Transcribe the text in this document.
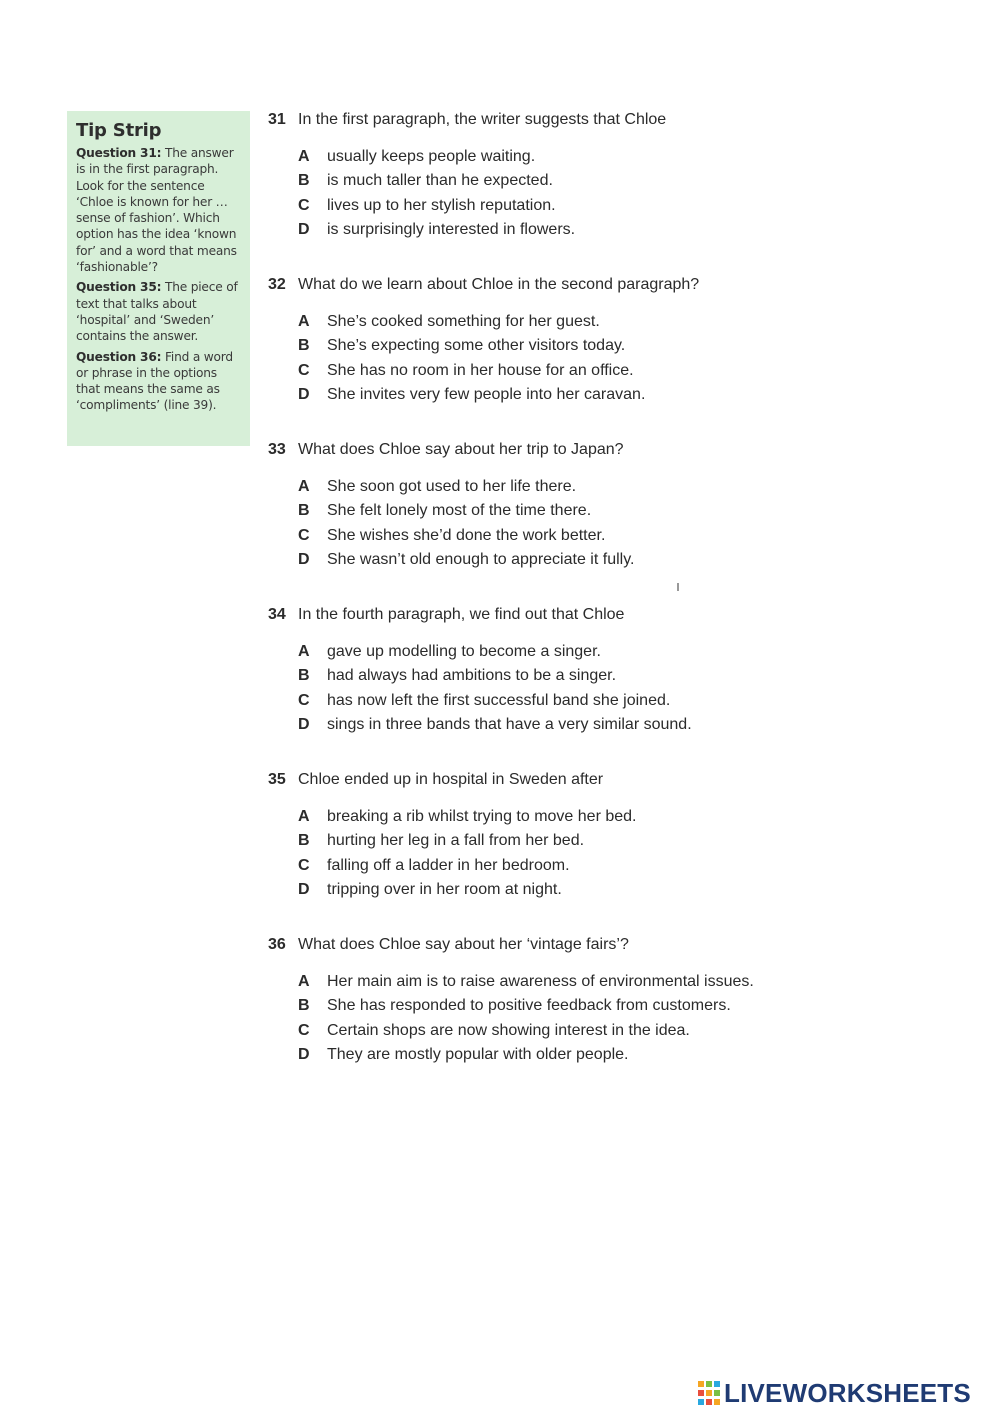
Tip Strip

Question 31: The answer is in the first paragraph. Look for the sentence ‘Chloe is known for her … sense of fashion’. Which option has the idea ‘known for’ and a word that means ‘fashionable’?

Question 35: The piece of text that talks about ‘hospital’ and ‘Sweden’ contains the answer.

Question 36: Find a word or phrase in the options that means the same as ‘compliments’ (line 39).

31 In the first paragraph, the writer suggests that Chloe
A usually keeps people waiting.
B is much taller than he expected.
C lives up to her stylish reputation.
D is surprisingly interested in flowers.
32 What do we learn about Chloe in the second paragraph?
A She’s cooked something for her guest.
B She’s expecting some other visitors today.
C She has no room in her house for an office.
D She invites very few people into her caravan.
33 What does Chloe say about her trip to Japan?
A She soon got used to her life there.
B She felt lonely most of the time there.
C She wishes she’d done the work better.
D She wasn’t old enough to appreciate it fully.
34 In the fourth paragraph, we find out that Chloe
A gave up modelling to become a singer.
B had always had ambitions to be a singer.
C has now left the first successful band she joined.
D sings in three bands that have a very similar sound.
35 Chloe ended up in hospital in Sweden after
A breaking a rib whilst trying to move her bed.
B hurting her leg in a fall from her bed.
C falling off a ladder in her bedroom.
D tripping over in her room at night.
36 What does Chloe say about her ‘vintage fairs’?
A Her main aim is to raise awareness of environmental issues.
B She has responded to positive feedback from customers.
C Certain shops are now showing interest in the idea.
D They are mostly popular with older people.
LIVEWORKSHEETS
